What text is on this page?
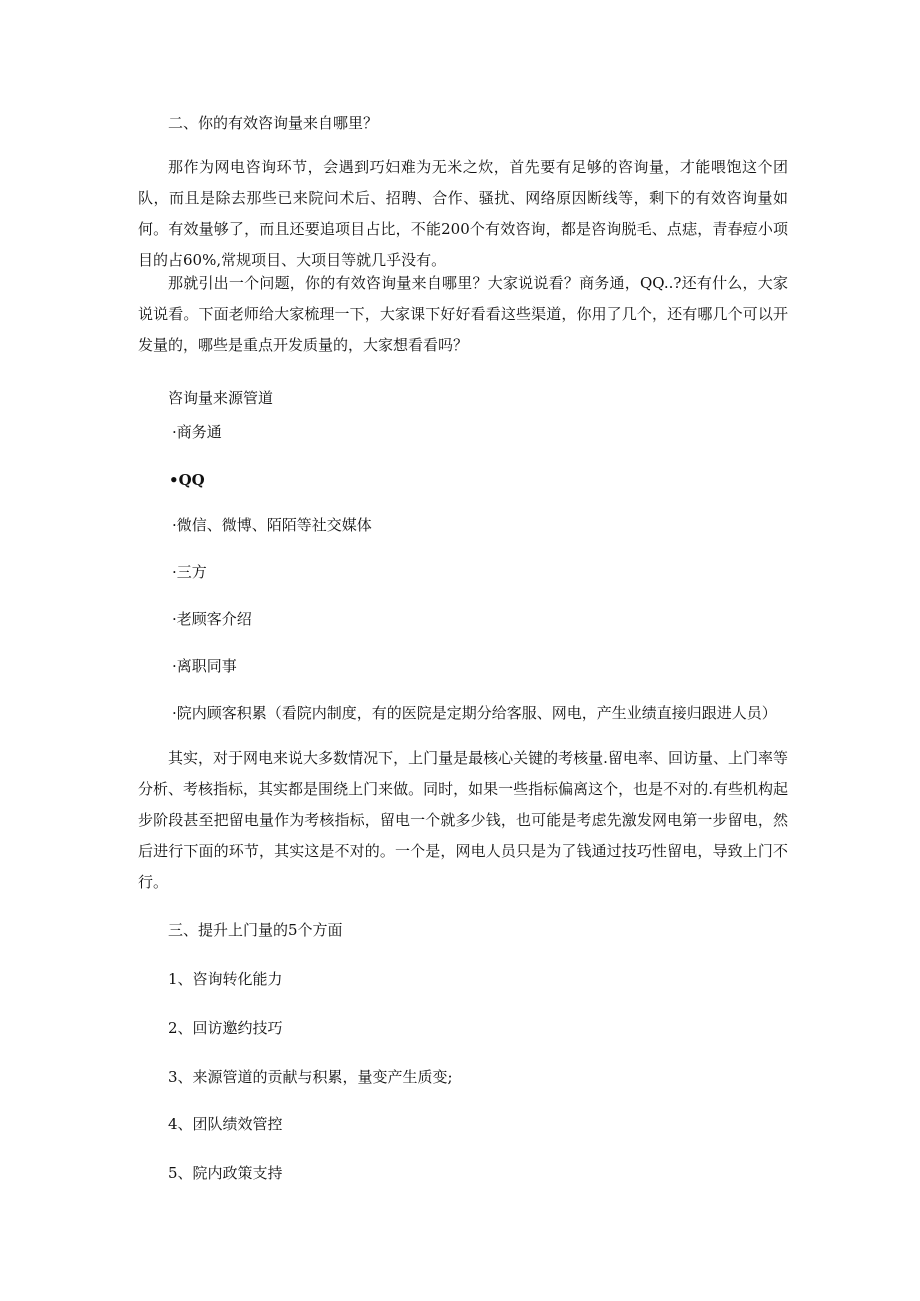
二、你的有效咨询量来自哪里？
那作为网电咨询环节，会遇到巧妇难为无米之炊，首先要有足够的咨询量，才能喂饱这个团队，而且是除去那些已来院问术后、招聘、合作、骚扰、网络原因断线等，剩下的有效咨询量如何。有效量够了，而且还要追项目占比，不能200个有效咨询，都是咨询脱毛、点痣，青春痘小项目的占60%,常规项目、大项目等就几乎没有。
那就引出一个问题，你的有效咨询量来自哪里？大家说说看？商务通，QQ..?还有什么，大家说说看。下面老师给大家梳理一下，大家课下好好看看这些渠道，你用了几个，还有哪几个可以开发量的，哪些是重点开发质量的，大家想看看吗？
咨询量来源管道
·商务通
•QQ
·微信、微博、陌陌等社交媒体
·三方
·老顾客介绍
·离职同事
·院内顾客积累（看院内制度，有的医院是定期分给客服、网电，产生业绩直接归跟进人员）
其实，对于网电来说大多数情况下，上门量是最核心关键的考核量.留电率、回访量、上门率等分析、考核指标，其实都是围绕上门来做。同时，如果一些指标偏离这个，也是不对的.有些机构起步阶段甚至把留电量作为考核指标，留电一个就多少钱，也可能是考虑先激发网电第一步留电，然后进行下面的环节，其实这是不对的。一个是，网电人员只是为了钱通过技巧性留电，导致上门不行。
三、提升上门量的5个方面
1、咨询转化能力
2、回访邀约技巧
3、来源管道的贡献与积累，量变产生质变;
4、团队绩效管控
5、院内政策支持
